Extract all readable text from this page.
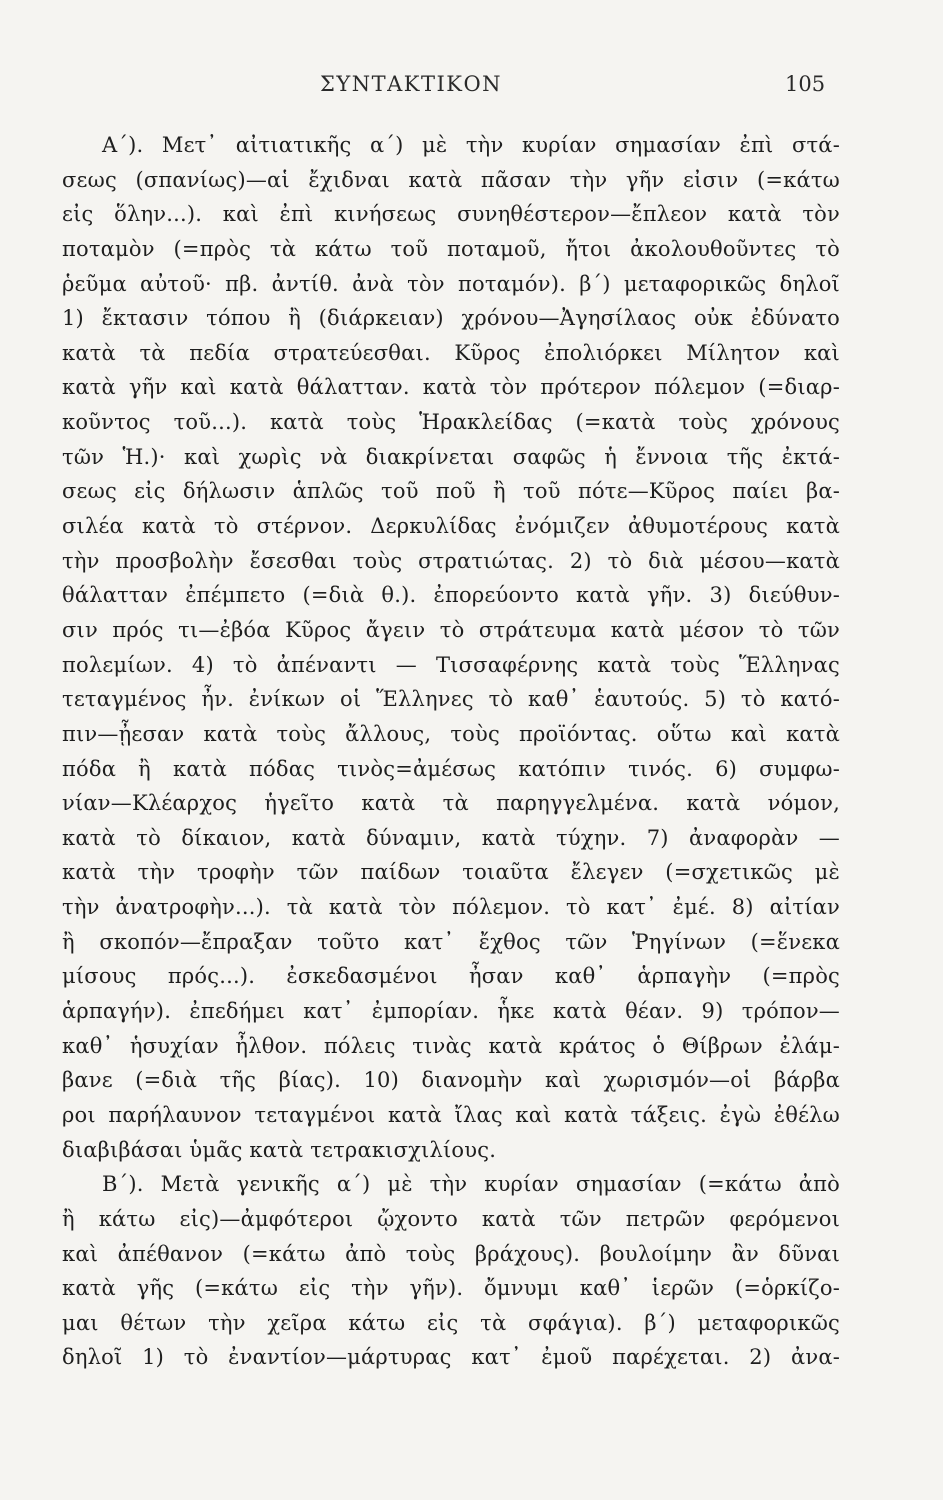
ΣΥΝΤΑΚΤΙΚΟΝ	105
Α΄). Μετ᾽ αἰτιατικῆς α΄) μὲ τὴν κυρίαν σημασίαν ἐπὶ στά-
σεως (σπανίως)—αἱ ἔχιδναι κατὰ πᾶσαν τὴν γῆν εἰσιν (=κάτω
εἰς ὅλην...). καὶ ἐπὶ κινήσεως συνηθέστερον—ἔπλεον κατὰ τὸν
ποταμὸν (=πρὸς τὰ κάτω τοῦ ποταμοῦ, ἤτοι ἀκολουθοῦντες τὸ
ῥεῦμα αὐτοῦ· πβ. ἀντίθ. ἀνὰ τὸν ποταμόν). β΄) μεταφορικῶς δηλοῖ
1) ἔκτασιν τόπου ἢ (διάρκειαν) χρόνου—Ἀγησίλαος οὐκ ἐδύνατο
κατὰ τὰ πεδία στρατεύεσθαι. Κῦρος ἐπολιόρκει Μίλητον καὶ
κατὰ γῆν καὶ κατὰ θάλατταν. κατὰ τὸν πρότερον πόλεμον (=διαρ-
κοῦντος τοῦ...). κατὰ τοὺς Ἡρακλείδας (=κατὰ τοὺς χρόνους
τῶν Ἡ.)· καὶ χωρὶς νὰ διακρίνεται σαφῶς ἡ ἔννοια τῆς ἐκτά-
σεως εἰς δήλωσιν ἁπλῶς τοῦ ποῦ ἢ τοῦ πότε—Κῦρος παίει βα-
σιλέα κατὰ τὸ στέρνον. Δερκυλίδας ἐνόμιζεν ἀθυμοτέρους κατὰ
τὴν προσβολὴν ἔσεσθαι τοὺς στρατιώτας. 2) τὸ διὰ μέσου—κατὰ
θάλατταν ἐπέμπετο (=διὰ θ.). ἐπορεύοντο κατὰ γῆν. 3) διεύθυν-
σιν πρός τι—ἐβόα Κῦρος ἄγειν τὸ στράτευμα κατὰ μέσον τὸ τῶν
πολεμίων. 4) τὸ ἀπέναντι — Τισσαφέρνης κατὰ τοὺς Ἕλληνας
τεταγμένος ἦν. ἐνίκων οἱ Ἕλληνες τὸ καθ᾽ ἑαυτούς. 5) τὸ κατό-
πιν—ᾖεσαν κατὰ τοὺς ἄλλους, τοὺς προϊόντας. οὕτω καὶ κατὰ
πόδα ἢ κατὰ πόδας τινὸς=ἀμέσως κατόπιν τινός. 6) συμφω-
νίαν—Κλέαρχος ἡγεῖτο κατὰ τὰ παρηγγελμένα. κατὰ νόμον,
κατὰ τὸ δίκαιον, κατὰ δύναμιν, κατὰ τύχην. 7) ἀναφορὰν —
κατὰ τὴν τροφὴν τῶν παίδων τοιαῦτα ἔλεγεν (=σχετικῶς μὲ
τὴν ἀνατροφὴν...). τὰ κατὰ τὸν πόλεμον. τὸ κατ᾽ ἐμέ. 8) αἰτίαν
ἢ σκοπόν—ἔπραξαν τοῦτο κατ᾽ ἔχθος τῶν Ῥηγίνων (=ἕνεκα
μίσους πρός...). ἐσκεδασμένοι ἦσαν καθ᾽ ἁρπαγὴν (=πρὸς
ἁρπαγήν). ἐπεδήμει κατ᾽ ἐμπορίαν. ἧκε κατὰ θέαν. 9) τρόπον—
καθ᾽ ἡσυχίαν ἦλθον. πόλεις τινὰς κατὰ κράτος ὁ Θίβρων ἐλάμ-
βανε (=διὰ τῆς βίας). 10) διανομὴν καὶ χωρισμόν—οἱ βάρβα
ροι παρήλαυνον τεταγμένοι κατὰ ἴλας καὶ κατὰ τάξεις. ἐγὼ ἐθέλω
διαβιβάσαι ὑμᾶς κατὰ τετρακισχιλίους.
Β΄). Μετὰ γενικῆς α΄) μὲ τὴν κυρίαν σημασίαν (=κάτω ἀπὸ
ἢ κάτω εἰς)—ἀμφότεροι ᾤχοντο κατὰ τῶν πετρῶν φερόμενοι
καὶ ἀπέθανον (=κάτω ἀπὸ τοὺς βράχους). βουλοίμην ἂν δῦναι
κατὰ γῆς (=κάτω εἰς τὴν γῆν). ὄμνυμι καθ᾽ ἱερῶν (=ὁρκίζο-
μαι θέτων τὴν χεῖρα κάτω εἰς τὰ σφάγια). β΄) μεταφορικῶς
δηλοῖ 1) τὸ ἐναντίον—μάρτυρας κατ᾽ ἐμοῦ παρέχεται. 2) ἀνα-
